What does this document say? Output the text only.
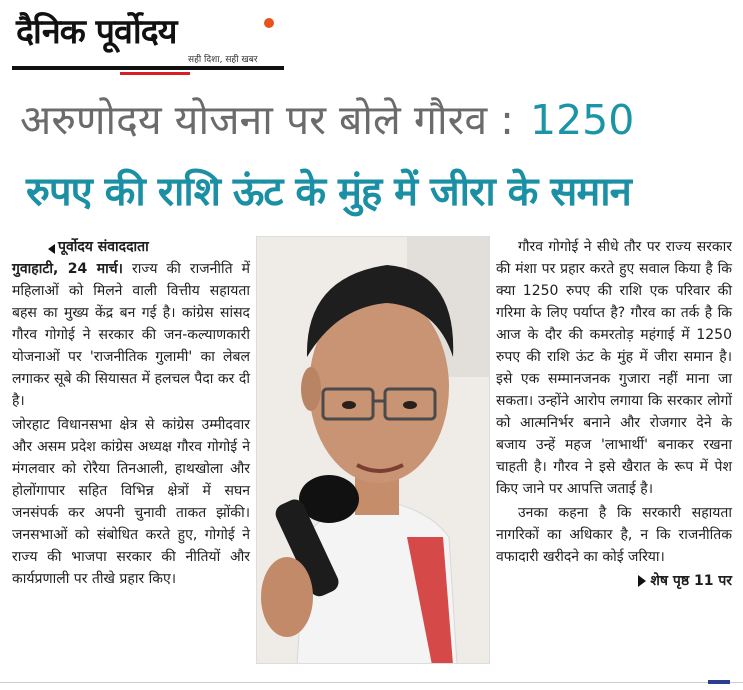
दैनिक पूर्वोदय
सही दिशा, सही खबर
अरुणोदय योजना पर बोले गौरव : 1250
रुपए की राशि ऊंट के मुंह में जीरा के समान
पूर्वोदय संवाददाता
गुवाहाटी, 24 मार्च। राज्य की राजनीति में महिलाओं को मिलने वाली वित्तीय सहायता बहस का मुख्य केंद्र बन गई है। कांग्रेस सांसद गौरव गोगोई ने सरकार की जन-कल्याणकारी योजनाओं पर 'राजनीतिक गुलामी' का लेबल लगाकर सूबे की सियासत में हलचल पैदा कर दी है।
जोरहाट विधानसभा क्षेत्र से कांग्रेस उम्मीदवार और असम प्रदेश कांग्रेस अध्यक्ष गौरव गोगोई ने मंगलवार को रोरैया तिनआली, हाथखोला और होलोंगापार सहित विभिन्न क्षेत्रों में सघन जनसंपर्क कर अपनी चुनावी ताकत झोंकी। जनसभाओं को संबोधित करते हुए, गोगोई ने राज्य की भाजपा सरकार की नीतियों और कार्यप्रणाली पर तीखे प्रहार किए।
गौरव गोगोई ने सीधे तौर पर राज्य सरकार की मंशा पर प्रहार करते हुए सवाल किया है कि क्या 1250 रुपए की राशि एक परिवार की गरिमा के लिए पर्याप्त है? गौरव का तर्क है कि आज के दौर की कमरतोड़ महंगाई में 1250 रुपए की राशि ऊंट के मुंह में जीरा समान है। इसे एक सम्मानजनक गुजारा नहीं माना जा सकता। उन्होंने आरोप लगाया कि सरकार लोगों को आत्मनिर्भर बनाने और रोजगार देने के बजाय उन्हें महज 'लाभार्थी' बनाकर रखना चाहती है। गौरव ने इसे खैरात के रूप में पेश किए जाने पर आपत्ति जताई है।
उनका कहना है कि सरकारी सहायता नागरिकों का अधिकार है, न कि राजनीतिक वफादारी खरीदने का कोई जरिया।
शेष पृष्ठ 11 पर
